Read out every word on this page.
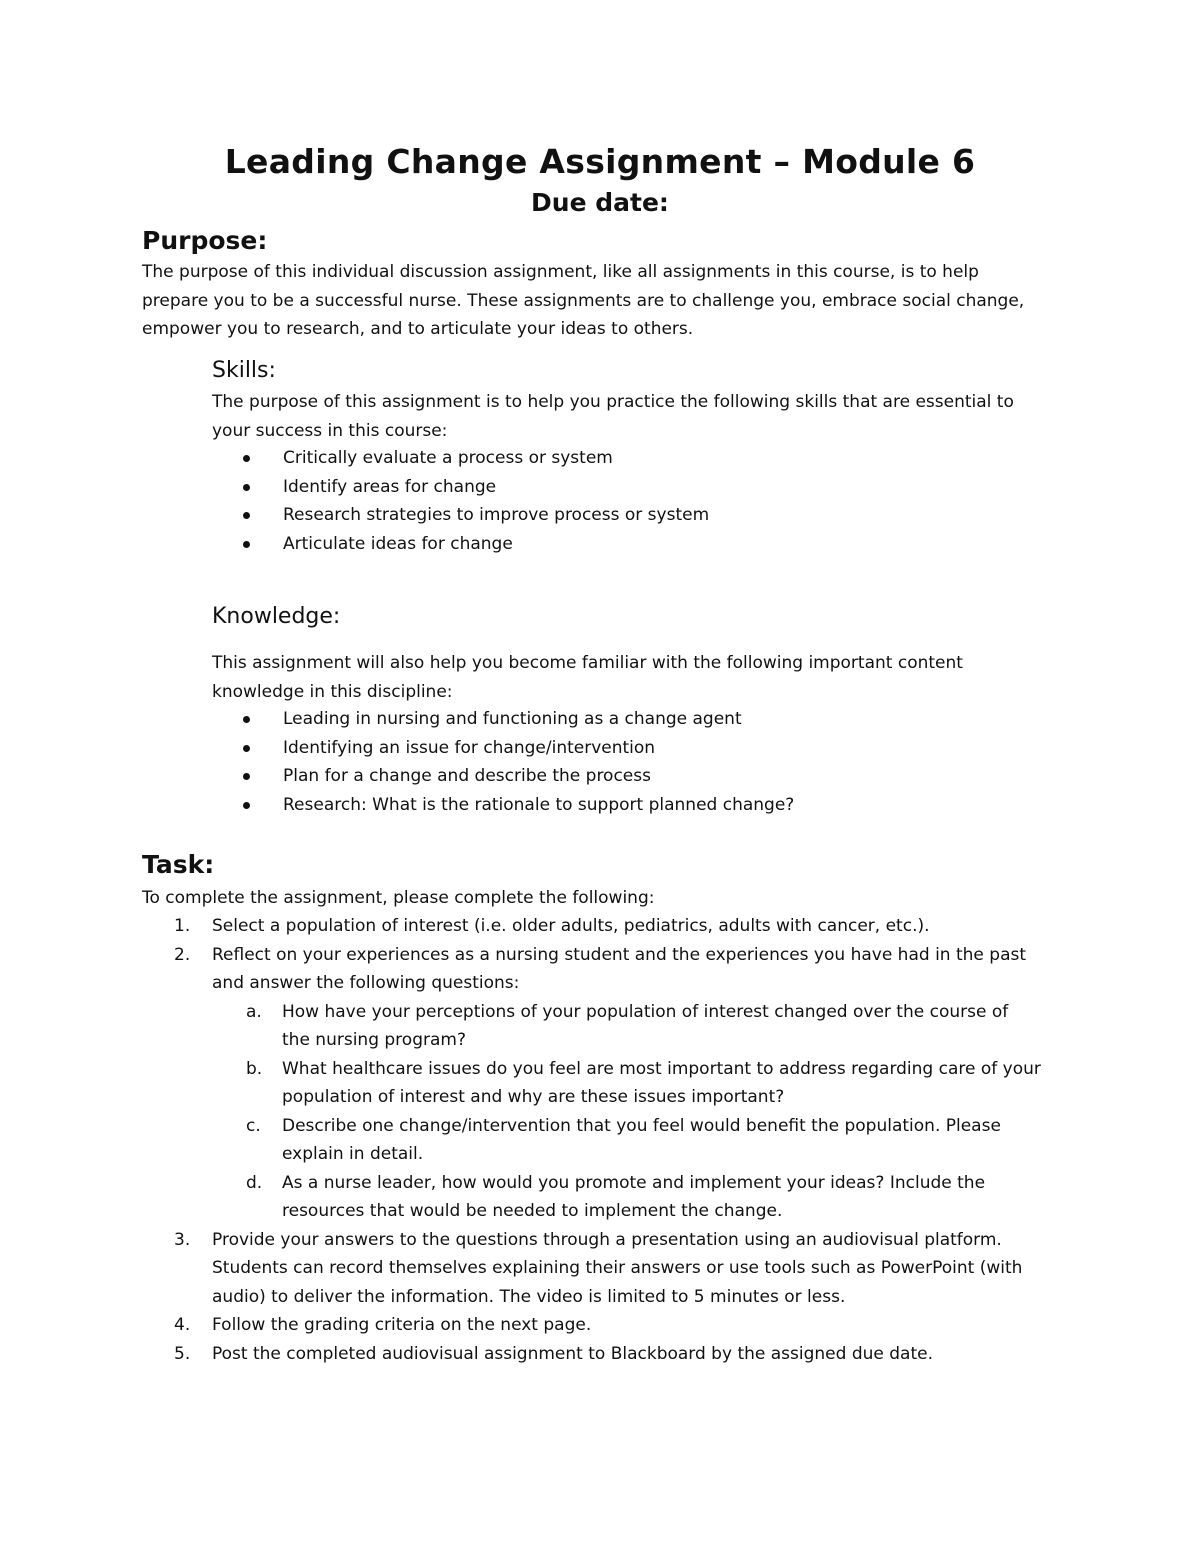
Leading Change Assignment – Module 6
Due date:
Purpose:
The purpose of this individual discussion assignment, like all assignments in this course, is to help
prepare you to be a successful nurse. These assignments are to challenge you, embrace social change,
empower you to research, and to articulate your ideas to others.
Skills:
The purpose of this assignment is to help you practice the following skills that are essential to
your success in this course:
Critically evaluate a process or system
Identify areas for change
Research strategies to improve process or system
Articulate ideas for change
Knowledge:
This assignment will also help you become familiar with the following important content
knowledge in this discipline:
Leading in nursing and functioning as a change agent
Identifying an issue for change/intervention
Plan for a change and describe the process
Research: What is the rationale to support planned change?
Task:
To complete the assignment, please complete the following:
1. Select a population of interest (i.e. older adults, pediatrics, adults with cancer, etc.).
2. Reflect on your experiences as a nursing student and the experiences you have had in the past
and answer the following questions:
a. How have your perceptions of your population of interest changed over the course of
the nursing program?
b. What healthcare issues do you feel are most important to address regarding care of your
population of interest and why are these issues important?
c. Describe one change/intervention that you feel would benefit the population. Please
explain in detail.
d. As a nurse leader, how would you promote and implement your ideas? Include the
resources that would be needed to implement the change.
3. Provide your answers to the questions through a presentation using an audiovisual platform.
Students can record themselves explaining their answers or use tools such as PowerPoint (with
audio) to deliver the information. The video is limited to 5 minutes or less.
4. Follow the grading criteria on the next page.
5. Post the completed audiovisual assignment to Blackboard by the assigned due date.
